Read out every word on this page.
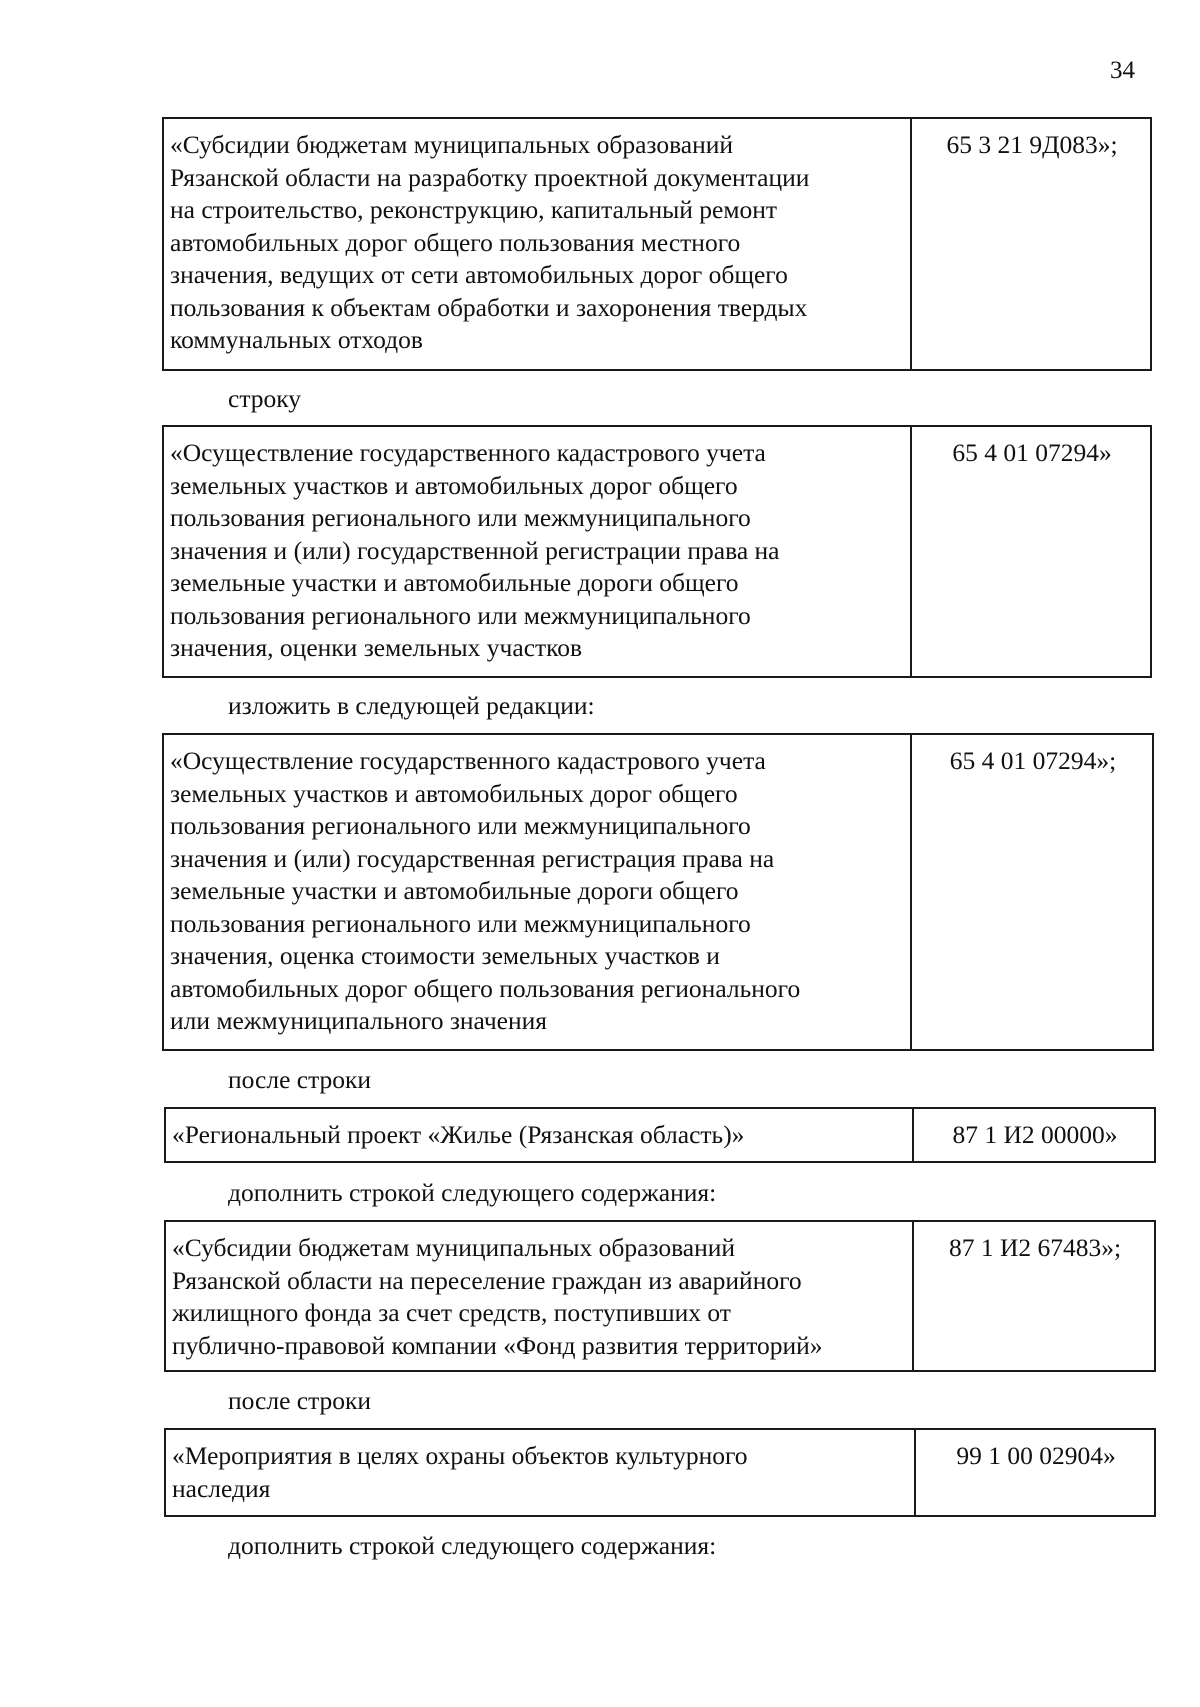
34
«Субсидии бюджетам муниципальных образований
Рязанской области на разработку проектной документации
на строительство, реконструкцию, капитальный ремонт
автомобильных дорог общего пользования местного
значения, ведущих от сети автомобильных дорог общего
пользования к объектам обработки и захоронения твердых
коммунальных отходов
65 3 21 9Д083»;
строку
«Осуществление государственного кадастрового учета
земельных участков и автомобильных дорог общего
пользования регионального или межмуниципального
значения и (или) государственной регистрации права на
земельные участки и автомобильные дороги общего
пользования регионального или межмуниципального
значения, оценки земельных участков
65 4 01 07294»
изложить в следующей редакции:
«Осуществление государственного кадастрового учета
земельных участков и автомобильных дорог общего
пользования регионального или межмуниципального
значения и (или) государственная регистрация права на
земельные участки и автомобильные дороги общего
пользования регионального или межмуниципального
значения, оценка стоимости земельных участков и
автомобильных дорог общего пользования регионального
или межмуниципального значения
65 4 01 07294»;
после строки
«Региональный проект «Жилье (Рязанская область)»	87 1 И2 00000»
дополнить строкой следующего содержания:
«Субсидии бюджетам муниципальных образований
Рязанской области на переселение граждан из аварийного
жилищного фонда за счет средств, поступивших от
публично-правовой компании «Фонд развития территорий»
87 1 И2 67483»;
после строки
«Мероприятия в целях охраны объектов культурного
наследия
99 1 00 02904»
дополнить строкой следующего содержания:
